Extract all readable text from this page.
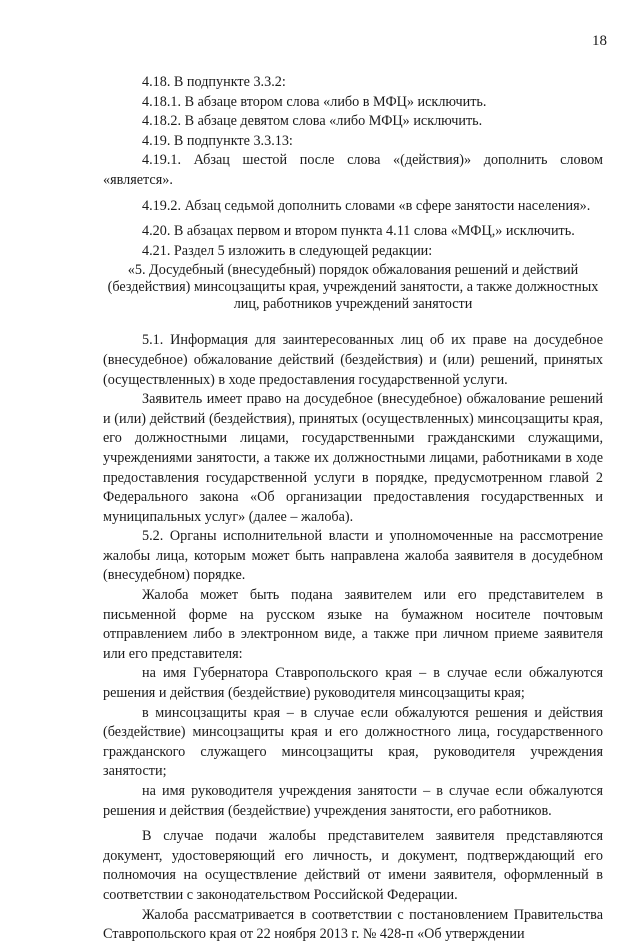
18

4.18. В подпункте 3.3.2:

4.18.1. В абзаце втором слова «либо в МФЦ» исключить.

4.18.2. В абзаце девятом слова «либо МФЦ» исключить.

4.19. В подпункте 3.3.13:

4.19.1. Абзац шестой после слова «(действия)» дополнить словом «является».

4.19.2. Абзац седьмой дополнить словами «в сфере занятости населения».

4.20. В абзацах первом и втором пункта 4.11 слова «МФЦ,» исключить.

4.21. Раздел 5 изложить в следующей редакции:

«5. Досудебный (внесудебный) порядок обжалования решений и действий (бездействия) минсоцзащиты края, учреждений занятости, а также должностных лиц, работников учреждений занятости

5.1. Информация для заинтересованных лиц об их праве на досудебное (внесудебное) обжалование действий (бездействия) и (или) решений, принятых (осуществленных) в ходе предоставления государственной услуги.

Заявитель имеет право на досудебное (внесудебное) обжалование решений и (или) действий (бездействия), принятых (осуществленных) минсоцзащиты края, его должностными лицами, государственными гражданскими служащими, учреждениями занятости, а также их должностными лицами, работниками в ходе предоставления государственной услуги в порядке, предусмотренном главой 2 Федерального закона «Об организации предоставления государственных и муниципальных услуг» (далее – жалоба).

5.2. Органы исполнительной власти и уполномоченные на рассмотрение жалобы лица, которым может быть направлена жалоба заявителя в досудебном (внесудебном) порядке.

Жалоба может быть подана заявителем или его представителем в письменной форме на русском языке на бумажном носителе почтовым отправлением либо в электронном виде, а также при личном приеме заявителя или его представителя:

на имя Губернатора Ставропольского края – в случае если обжалуются решения и действия (бездействие) руководителя минсоцзащиты края;

в минсоцзащиты края – в случае если обжалуются решения и действия (бездействие) минсоцзащиты края и его должностного лица, государственного гражданского служащего минсоцзащиты края, руководителя учреждения занятости;

на имя руководителя учреждения занятости – в случае если обжалуются решения и действия (бездействие) учреждения занятости, его работников.

В случае подачи жалобы представителем заявителя представляются документ, удостоверяющий его личность, и документ, подтверждающий его полномочия на осуществление действий от имени заявителя, оформленный в соответствии с законодательством Российской Федерации.

Жалоба рассматривается в соответствии с постановлением Правительства Ставропольского края от 22 ноября 2013 г. № 428-п «Об утверждении
